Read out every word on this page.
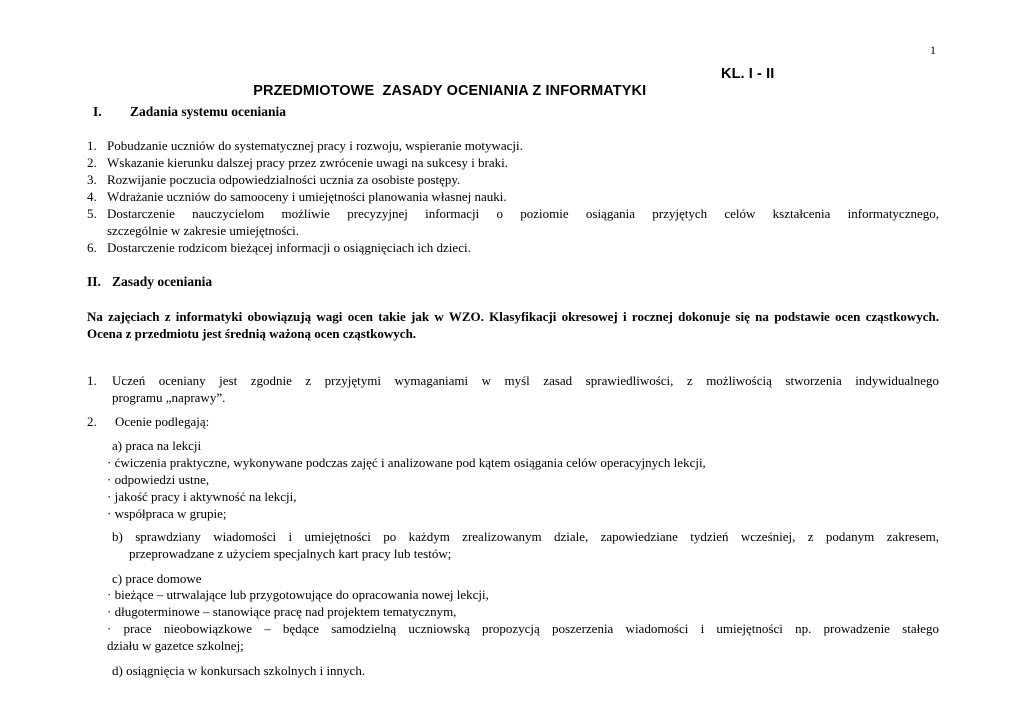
1

PRZEDMIOTOWE  ZASADY OCENIANIA Z INFORMATYKI

KL. I - II

I. Zadania systemu oceniania
1. Pobudzanie uczniów do systematycznej pracy i rozwoju, wspieranie motywacji.
2. Wskazanie kierunku dalszej pracy przez zwrócenie uwagi na sukcesy i braki.
3. Rozwijanie poczucia odpowiedzialności ucznia za osobiste postępy.
4. Wdrażanie uczniów do samooceny i umiejętności planowania własnej nauki.
5. Dostarczenie nauczycielom możliwie precyzyjnej informacji o poziomie osiągania przyjętych celów kształcenia informatycznego,
szczególnie w zakresie umiejętności.
6. Dostarczenie rodzicom bieżącej informacji o osiągnięciach ich dzieci.
II. Zasady oceniania
Na zajęciach z informatyki obowiązują wagi ocen takie jak w WZO. Klasyfikacji okresowej i rocznej dokonuje się na podstawie ocen cząstkowych.
Ocena z przedmiotu jest średnią ważoną ocen cząstkowych.
1. Uczeń oceniany jest zgodnie z przyjętymi wymaganiami w myśl zasad sprawiedliwości, z możliwością stworzenia indywidualnego
programu „naprawy”.
2. Ocenie podlegają:
a) praca na lekcji
· ćwiczenia praktyczne, wykonywane podczas zajęć i analizowane pod kątem osiągania celów operacyjnych lekcji,
· odpowiedzi ustne,
· jakość pracy i aktywność na lekcji,
· współpraca w grupie;
b) sprawdziany wiadomości i umiejętności po każdym zrealizowanym dziale, zapowiedziane tydzień wcześniej, z podanym zakresem,
przeprowadzane z użyciem specjalnych kart pracy lub testów;
c) prace domowe
· bieżące – utrwalające lub przygotowujące do opracowania nowej lekcji,
· długoterminowe – stanowiące pracę nad projektem tematycznym,
· prace nieobowiązkowe – będące samodzielną uczniowską propozycją poszerzenia wiadomości i umiejętności np. prowadzenie stałego
działu w gazetce szkolnej;
d) osiągnięcia w konkursach szkolnych i innych.
